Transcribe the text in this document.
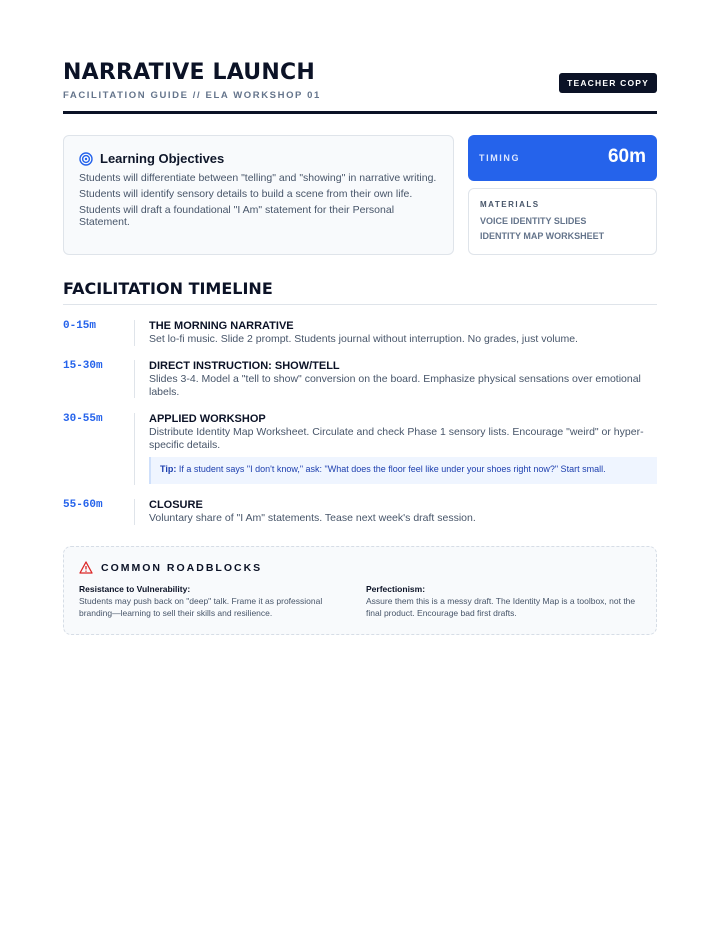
NARRATIVE LAUNCH
FACILITATION GUIDE // ELA WORKSHOP 01
TEACHER COPY
Learning Objectives
Students will differentiate between "telling" and "showing" in narrative writing.
Students will identify sensory details to build a scene from their own life.
Students will draft a foundational "I Am" statement for their Personal Statement.
TIMING	60m
MATERIALS
VOICE IDENTITY SLIDES
IDENTITY MAP WORKSHEET
FACILITATION TIMELINE
0-15m	THE MORNING NARRATIVE
Set lo-fi music. Slide 2 prompt. Students journal without interruption. No grades, just volume.
15-30m	DIRECT INSTRUCTION: SHOW/TELL
Slides 3-4. Model a "tell to show" conversion on the board. Emphasize physical sensations over emotional labels.
30-55m	APPLIED WORKSHOP
Distribute Identity Map Worksheet. Circulate and check Phase 1 sensory lists. Encourage "weird" or hyper-specific details.
Tip: If a student says "I don't know," ask: "What does the floor feel like under your shoes right now?" Start small.
55-60m	CLOSURE
Voluntary share of "I Am" statements. Tease next week's draft session.
COMMON ROADBLOCKS
Resistance to Vulnerability:
Students may push back on "deep" talk. Frame it as professional branding—learning to sell their skills and resilience.
Perfectionism:
Assure them this is a messy draft. The Identity Map is a toolbox, not the final product. Encourage bad first drafts.
